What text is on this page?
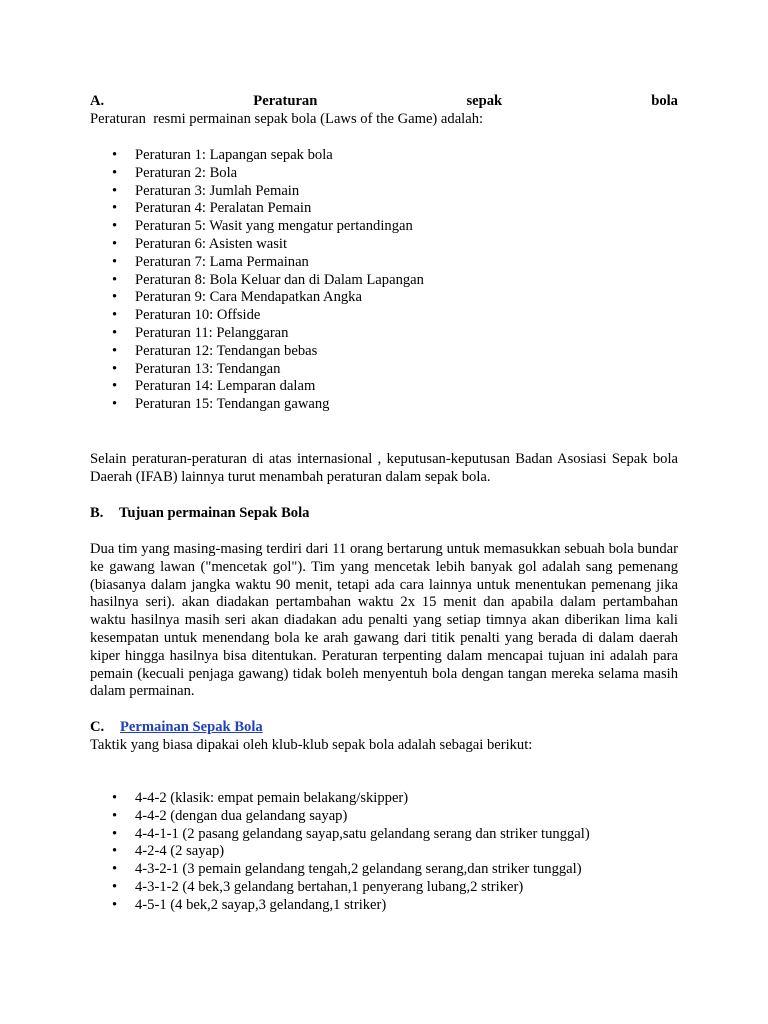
A.	Peraturan	sepak	bola

Peraturan  resmi permainan sepak bola (Laws of the Game) adalah:

• Peraturan 1: Lapangan sepak bola
• Peraturan 2: Bola
• Peraturan 3: Jumlah Pemain
• Peraturan 4: Peralatan Pemain
• Peraturan 5: Wasit yang mengatur pertandingan
• Peraturan 6: Asisten wasit
• Peraturan 7: Lama Permainan
• Peraturan 8: Bola Keluar dan di Dalam Lapangan
• Peraturan 9: Cara Mendapatkan Angka
• Peraturan 10: Offside
• Peraturan 11: Pelanggaran
• Peraturan 12: Tendangan bebas
• Peraturan 13: Tendangan
• Peraturan 14: Lemparan dalam
• Peraturan 15: Tendangan gawang

Selain peraturan-peraturan di atas internasional , keputusan-keputusan Badan Asosiasi Sepak bola Daerah (IFAB) lainnya turut menambah peraturan dalam sepak bola.

B.	Tujuan permainan Sepak Bola

Dua tim yang masing-masing terdiri dari 11 orang bertarung untuk memasukkan sebuah bola bundar ke gawang lawan ("mencetak gol"). Tim yang mencetak lebih banyak gol adalah sang pemenang (biasanya dalam jangka waktu 90 menit, tetapi ada cara lainnya untuk menentukan pemenang jika hasilnya seri). akan diadakan pertambahan waktu 2x 15 menit dan apabila dalam pertambahan waktu hasilnya masih seri akan diadakan adu penalti yang setiap timnya akan diberikan lima kali kesempatan untuk menendang bola ke arah gawang dari titik penalti yang berada di dalam daerah kiper hingga hasilnya bisa ditentukan. Peraturan terpenting dalam mencapai tujuan ini adalah para pemain (kecuali penjaga gawang) tidak boleh menyentuh bola dengan tangan mereka selama masih dalam permainan.

C.	Permainan Sepak Bola

Taktik yang biasa dipakai oleh klub-klub sepak bola adalah sebagai berikut:

• 4-4-2 (klasik: empat pemain belakang/skipper)
• 4-4-2 (dengan dua gelandang sayap)
• 4-4-1-1 (2 pasang gelandang sayap,satu gelandang serang dan striker tunggal)
• 4-2-4 (2 sayap)
• 4-3-2-1 (3 pemain gelandang tengah,2 gelandang serang,dan striker tunggal)
• 4-3-1-2 (4 bek,3 gelandang bertahan,1 penyerang lubang,2 striker)
• 4-5-1 (4 bek,2 sayap,3 gelandang,1 striker)
